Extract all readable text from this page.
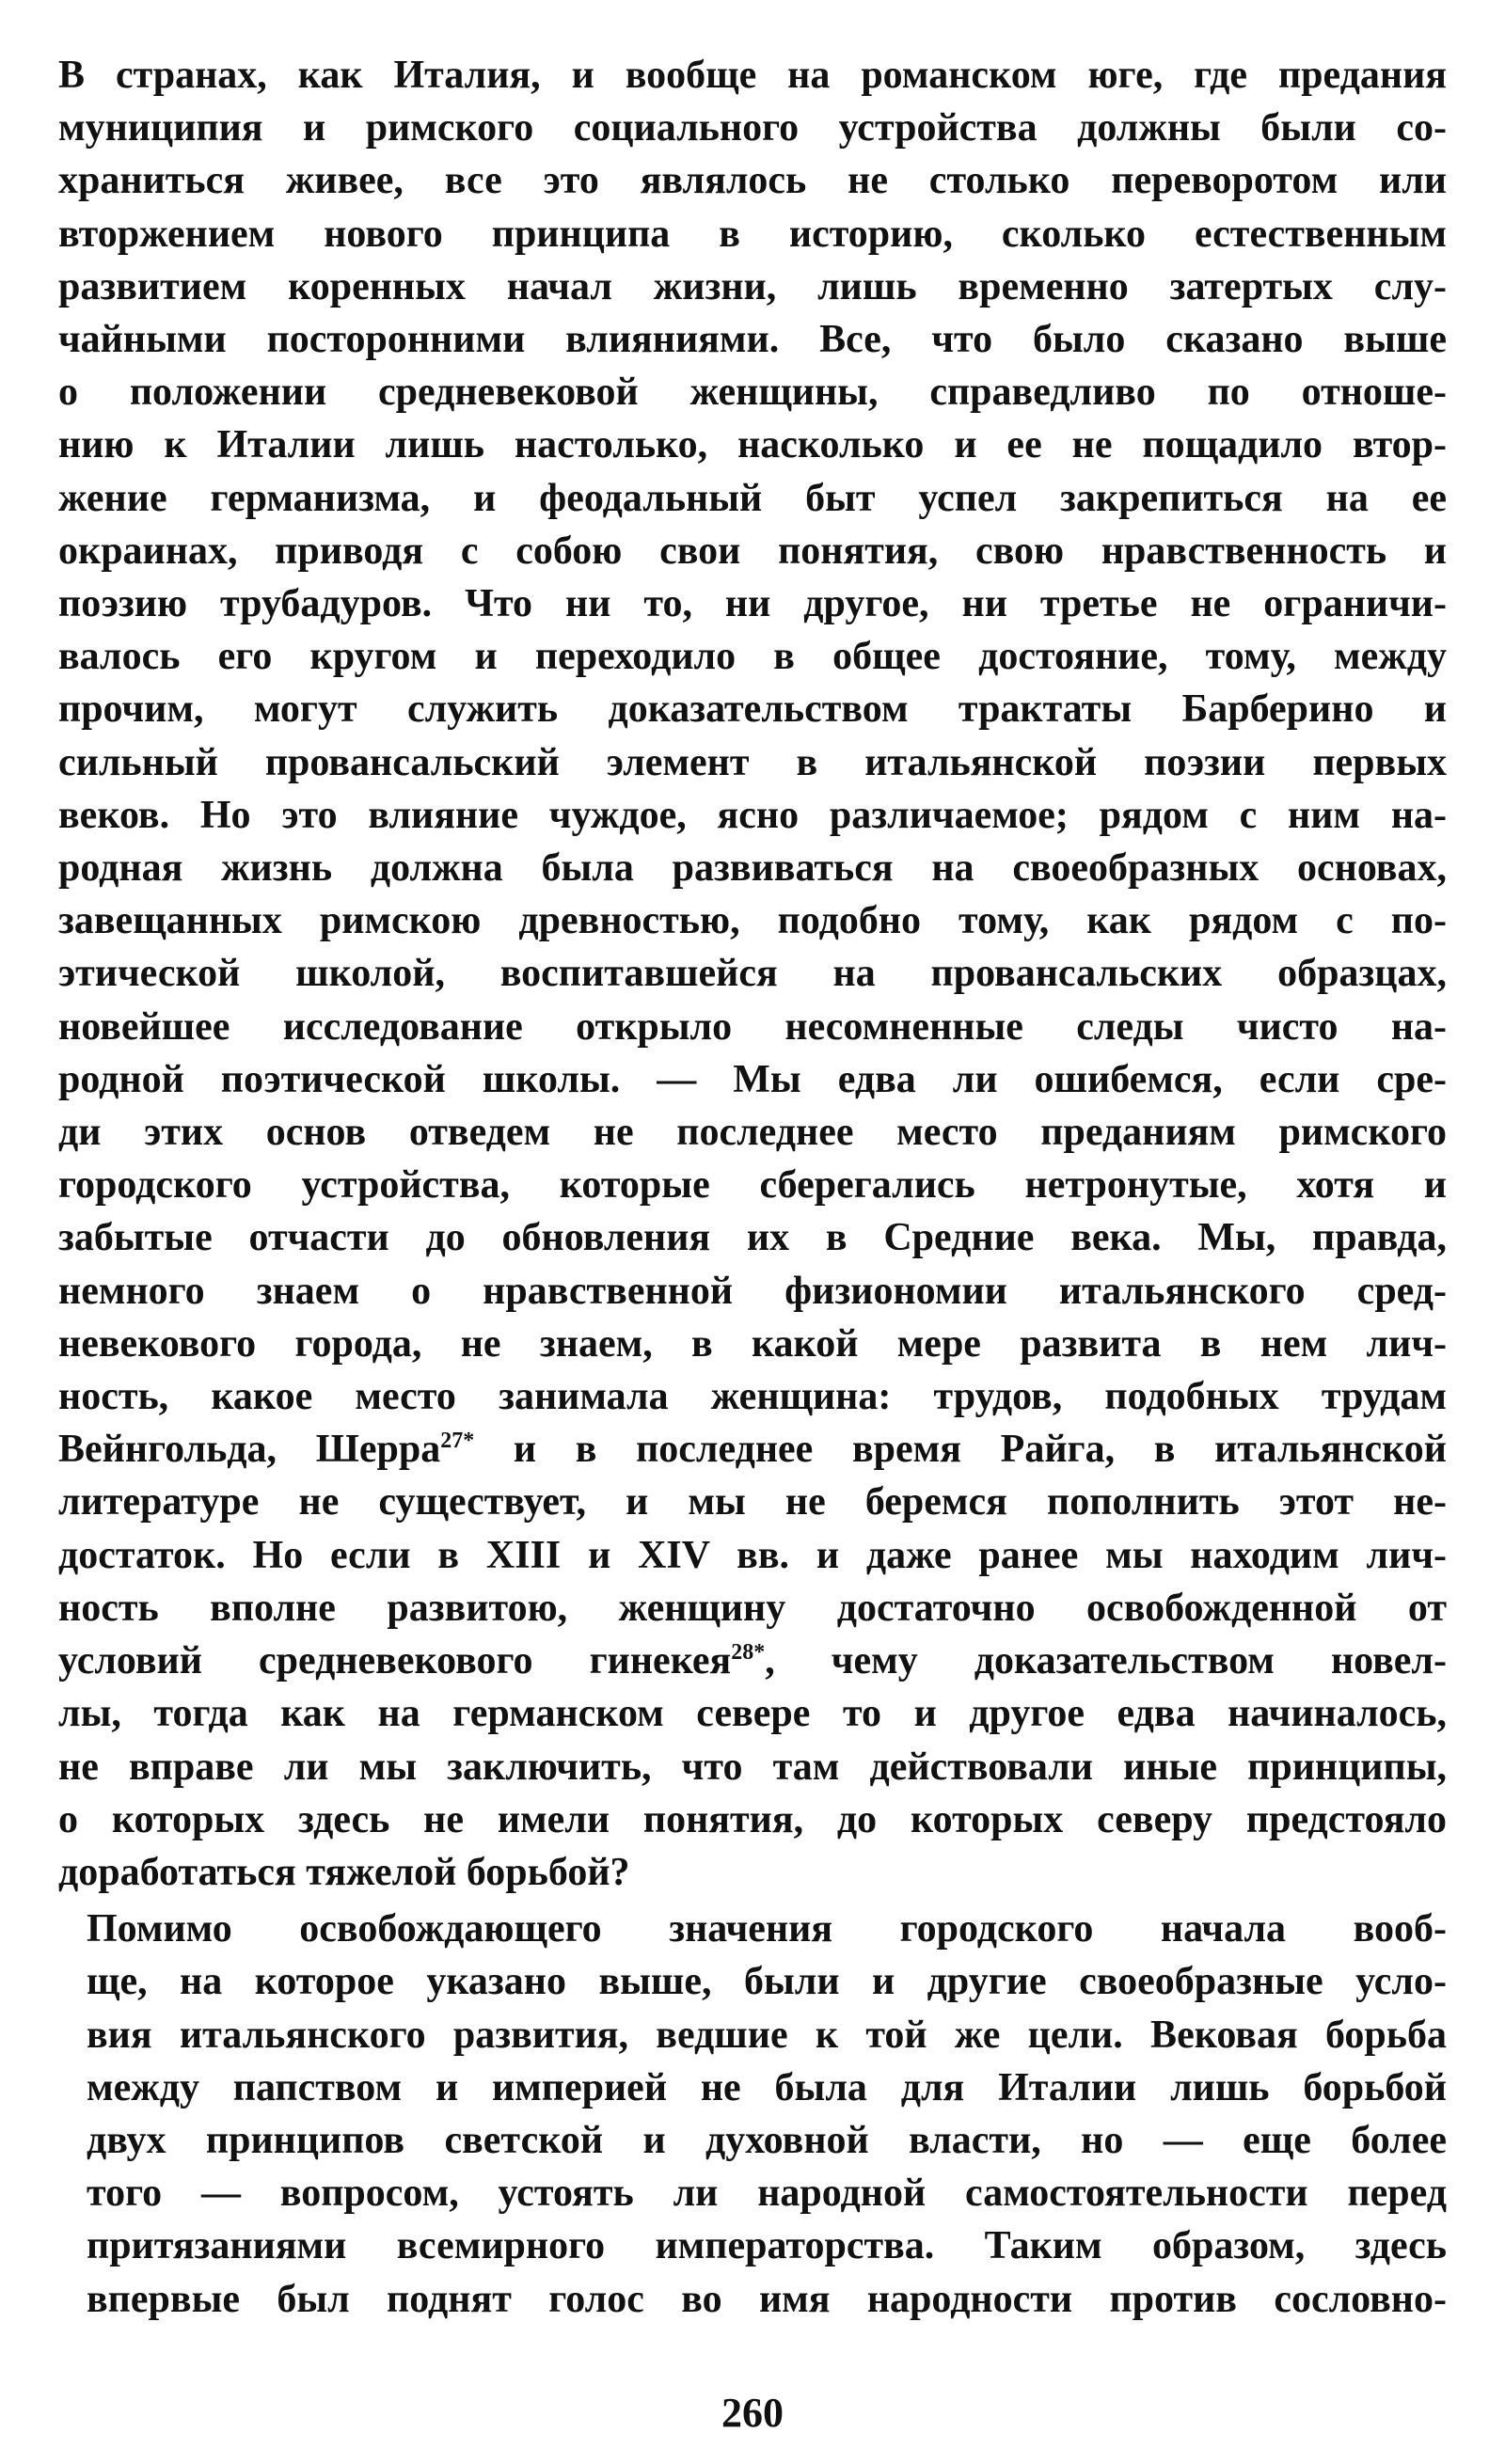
В странах, как Италия, и вообще на романском юге, где предания
муниципия и римского социального устройства должны были со-
храниться живее, все это являлось не столько переворотом или
вторжением нового принципа в историю, сколько естественным
развитием коренных начал жизни, лишь временно затертых слу-
чайными посторонними влияниями. Все, что было сказано выше
о положении средневековой женщины, справедливо по отноше-
нию к Италии лишь настолько, насколько и ее не пощадило втор-
жение германизма, и феодальный быт успел закрепиться на ее
окраинах, приводя с собою свои понятия, свою нравственность и
поэзию трубадуров. Что ни то, ни другое, ни третье не ограничи-
валось его кругом и переходило в общее достояние, тому, между
прочим, могут служить доказательством трактаты Барберино и
сильный провансальский элемент в итальянской поэзии первых
веков. Но это влияние чуждое, ясно различаемое; рядом с ним на-
родная жизнь должна была развиваться на своеобразных основах,
завещанных римскою древностью, подобно тому, как рядом с по-
этической школой, воспитавшейся на провансальских образцах,
новейшее исследование открыло несомненные следы чисто на-
родной поэтической школы. — Мы едва ли ошибемся, если сре-
ди этих основ отведем не последнее место преданиям римского
городского устройства, которые сберегались нетронутые, хотя и
забытые отчасти до обновления их в Средние века. Мы, правда,
немного знаем о нравственной физиономии итальянского сред-
невекового города, не знаем, в какой мере развита в нем лич-
ность, какое место занимала женщина: трудов, подобных трудам
Вейнгольда, Шерра$^{27*}$ и в последнее время Райга, в итальянской
литературе не существует, и мы не беремся пополнить этот не-
достаток. Но если в XIII и XIV вв. и даже ранее мы находим лич-
ность вполне развитою, женщину достаточно освобожденной от
условий средневекового гинекея$^{28*}$, чему доказательством новел-
лы, тогда как на германском севере то и другое едва начиналось,
не вправе ли мы заключить, что там действовали иные принципы,
о которых здесь не имели понятия, до которых северу предстояло
доработаться тяжелой борьбой?
Помимо освобождающего значения городского начала вооб-
ще, на которое указано выше, были и другие своеобразные усло-
вия итальянского развития, ведшие к той же цели. Вековая борьба
между папством и империей не была для Италии лишь борьбой
двух принципов светской и духовной власти, но — еще более
того — вопросом, устоять ли народной самостоятельности перед
притязаниями всемирного императорства. Таким образом, здесь
впервые был поднят голос во имя народности против сословно-
260
